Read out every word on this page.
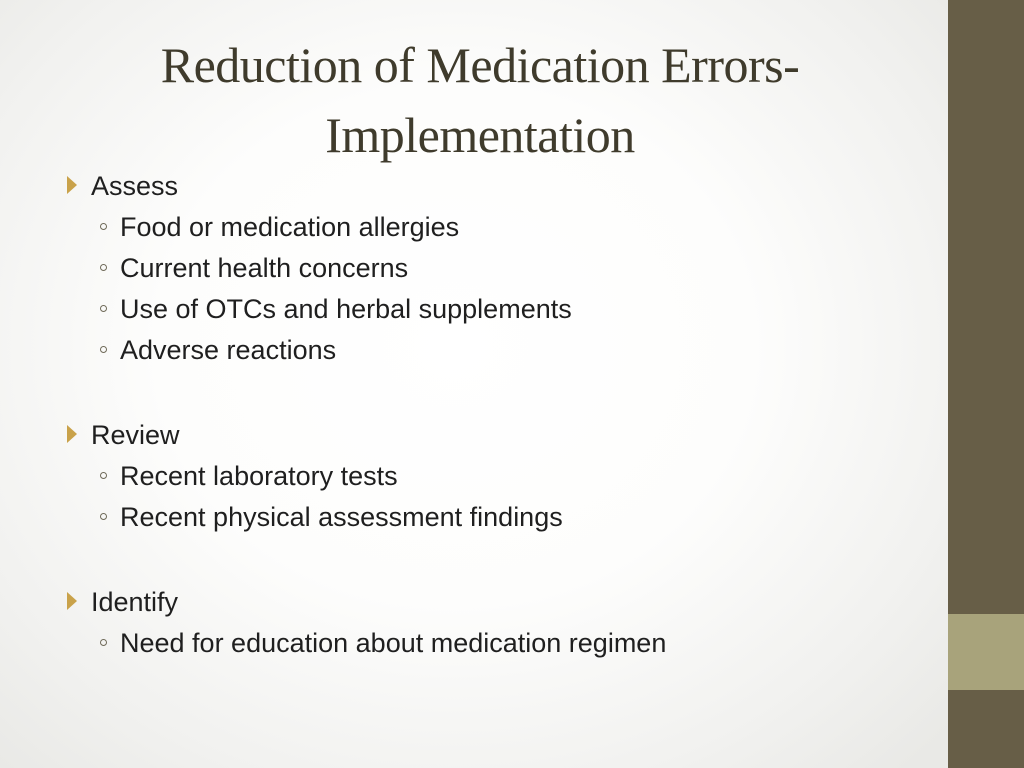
Reduction of Medication Errors-
Implementation
Assess
Food or medication allergies
Current health concerns
Use of OTCs and herbal supplements
Adverse reactions
Review
Recent laboratory tests
Recent physical assessment findings
Identify
Need for education about medication regimen
